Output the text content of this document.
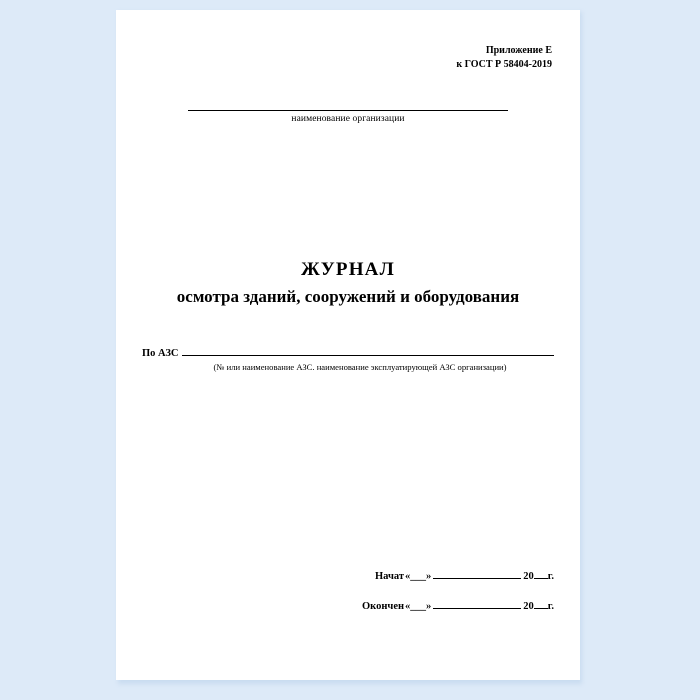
Приложение Е
к ГОСТ Р 58404-2019
наименование организации
ЖУРНАЛ
осмотра зданий, сооружений и оборудования
По АЗС
(№ или наименование АЗС. наименование эксплуатирующей АЗС организации)
Начат «___»	20 г.
Окончен «___»	20 г.
